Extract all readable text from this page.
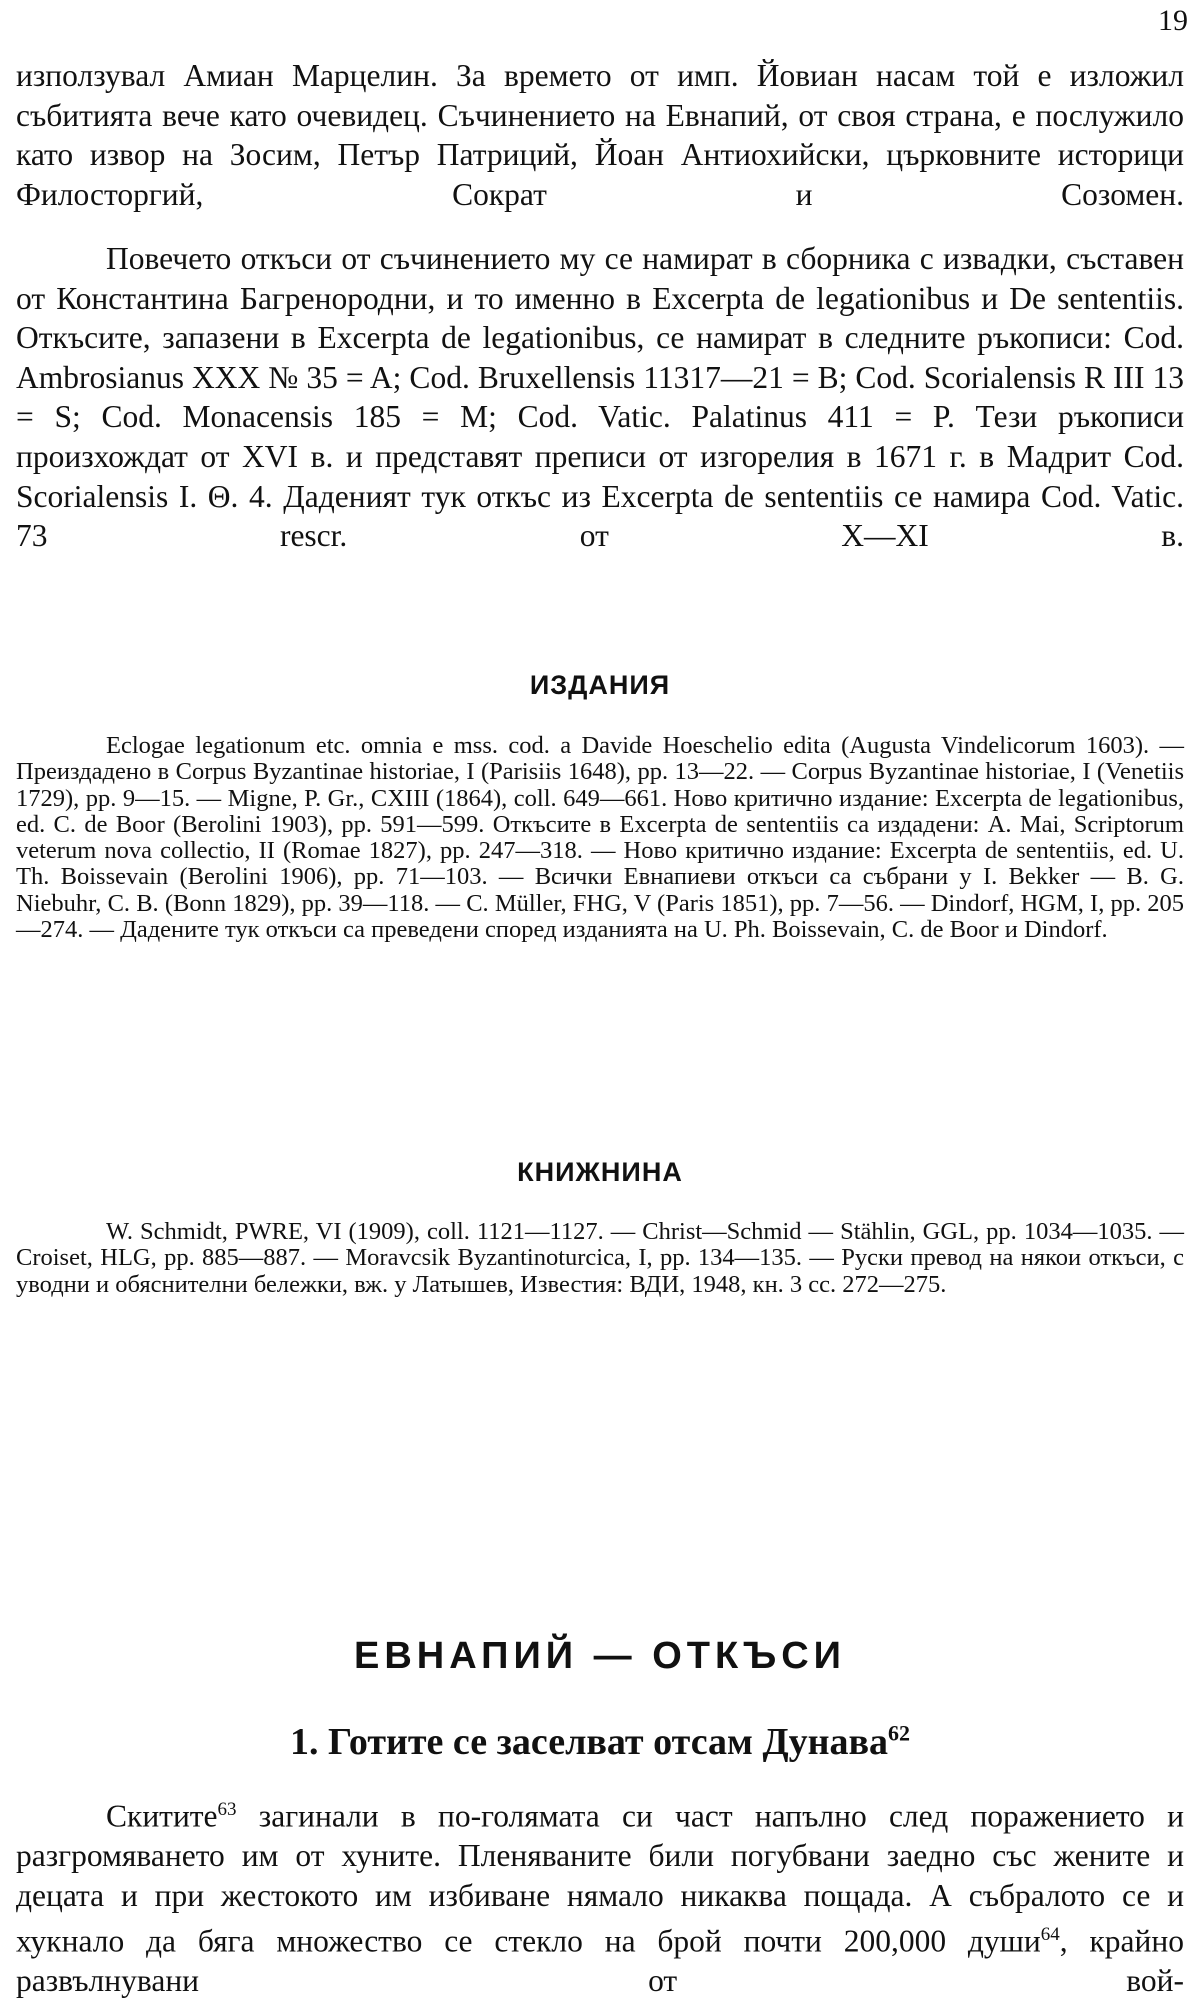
19

използувал Амиан Марцелин. За времето от имп. Йовиан насам той е изложил събитията вече като очевидец. Съчинението на Евнапий, от своя страна, е послужило като извор на Зосим, Петър Патриций, Йоан Антиохийски, църковните историци Филосторгий, Сократ и Созомен.

Повечето откъси от съчинението му се намират в сборника с извадки, съставен от Константина Багренородни, и то именно в Excerpta de legationibus и De sententiis. Откъсите, запазени в Excerpta de legationibus, се намират в следните ръкописи: Cod. Ambrosianus XXX № 35 = A; Cod. Bruxellensis 11317—21 = B; Cod. Scorialensis R III 13 = S; Cod. Monacensis 185 = M; Cod. Vatic. Palatinus 411 = P. Тези ръкописи произхождат от XVI в. и представят преписи от изгорелия в 1671 г. в Мадрит Cod. Scorialensis I. Θ. 4. Даденият тук откъс из Excerpta de sententiis се намира Cod. Vatic. 73 rescr. от X—XI в.

ИЗДАНИЯ

Eclogae legationum etc. omnia e mss. cod. a Davide Hoeschelio edita (Augusta Vindelicorum 1603). — Преиздадено в Corpus Byzantinae historiae, I (Parisiis 1648), pp. 13—22. — Corpus Byzantinae historiae, I (Venetiis 1729), pp. 9—15. — Migne, P. Gr., CXIII (1864), coll. 649—661. Ново критично издание: Excerpta de legationibus, ed. C. de Boor (Berolini 1903), pp. 591—599. Откъсите в Excerpta de sententiis са издадени: A. Mai, Scriptorum veterum nova collectio, II (Romae 1827), pp. 247—318. — Ново критично издание: Excerpta de sententiis, ed. U. Th. Boissevain (Berolini 1906), pp. 71—103. — Всички Евнапиеви откъси са събрани у I. Bekker — B. G. Niebuhr, C. B. (Bonn 1829), pp. 39—118. — C. Müller, FHG, V (Paris 1851), pp. 7—56. — Dindorf, HGM, I, pp. 205—274. — Дадените тук откъси са преведени според изданията на U. Ph. Boissevain, C. de Boor и Dindorf.

КНИЖНИНА

W. Schmidt, PWRE, VI (1909), coll. 1121—1127. — Christ—Schmid — Stählin, GGL, pp. 1034—1035. — Croiset, HLG, pp. 885—887. — Moravcsik Byzantinoturcica, I, pp. 134—135. — Руски превод на някои откъси, с уводни и обяснителни бележки, вж. у Латышев, Известия: ВДИ, 1948, кн. 3 сс. 272—275.

ЕВНАПИЙ — ОТКЪСИ
1. Готите се заселват отсам Дунава$^{62}$

Скитите$^{63}$ загинали в по-голямата си част напълно след поражението и разгромяването им от хуните. Пленяваните били погубвани заедно със жените и децата и при жестокото им избиване нямало никаква пощада. А събралото се и хукнало да бяга множество се стекло на брой почти 200,000 души$^{64}$, крайно развълнувани от вой-
